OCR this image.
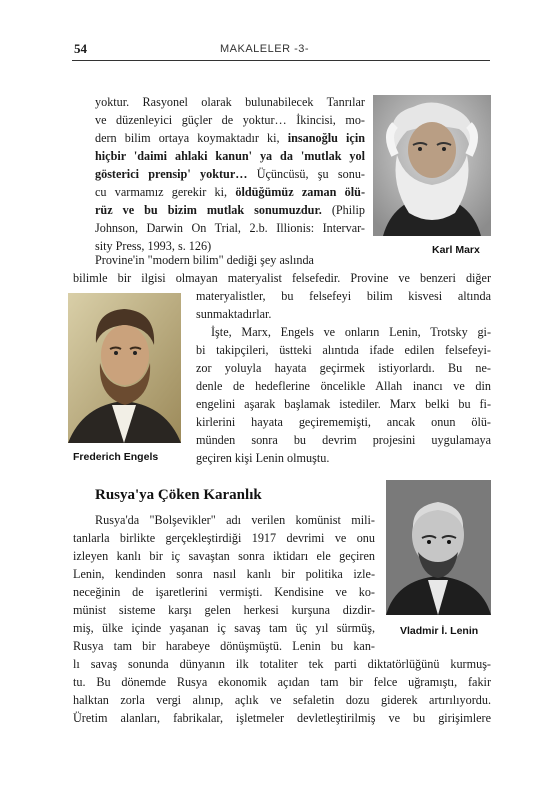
54	MAKALELER -3-
Karl Marx
yoktur. Rasyonel olarak bulunabilecek Tanrılar
ve düzenleyici güçler de yoktur… İkincisi, mo-
dern bilim ortaya koymaktadır ki, insanoğlu için
hiçbir 'daimi ahlaki kanun' ya da 'mutlak yol
gösterici prensip' yoktur… Üçüncüsü, şu sonu-
cu varmamız gerekir ki, öldüğümüz zaman ölü-
rüz ve bu bizim mutlak sonumuzdur. (Philip
Johnson, Darwin On Trial, 2.b. Illionis: Intervar-
sity Press, 1993, s. 126)
Provine'in "modern bilim" dediği şey aslında
bilimle bir ilgisi olmayan materyalist felsefedir. Provine ve benzeri diğer
materyalistler, bu felsefeyi bilim kisvesi altında
sunmaktadırlar.
Frederich Engels
İşte, Marx, Engels ve onların Lenin, Trotsky gi-
bi takipçileri, üstteki alıntıda ifade edilen felsefeyi-
zor yoluyla hayata geçirmek istiyorlardı. Bu ne-
denle de hedeflerine öncelikle Allah inancı ve din
engelini aşarak başlamak istediler. Marx belki bu fi-
kirlerini hayata geçirememişti, ancak onun ölü-
münden sonra bu devrim projesini uygulamaya
geçiren kişi Lenin olmuştu.
Rusya'ya Çöken Karanlık
Vladmir İ. Lenin
Rusya'da "Bolşevikler" adı verilen komünist mili-
tanlarla birlikte gerçekleştirdiği 1917 devrimi ve onu
izleyen kanlı bir iç savaştan sonra iktidarı ele geçiren
Lenin, kendinden sonra nasıl kanlı bir politika izle-
neceğinin de işaretlerini vermişti. Kendisine ve ko-
münist sisteme karşı gelen herkesi kurşuna dizdir-
miş, ülke içinde yaşanan iç savaş tam üç yıl sürmüş,
Rusya tam bir harabeye dönüşmüştü. Lenin bu kan-
lı savaş sonunda dünyanın ilk totaliter tek parti diktatörlüğünü kurmuş-
tu. Bu dönemde Rusya ekonomik açıdan tam bir felce uğramıştı, fakir
halktan zorla vergi alınıp, açlık ve sefaletin dozu giderek artırılıyordu.
Üretim alanları, fabrikalar, işletmeler devletleştirilmiş ve bu girişimlere
